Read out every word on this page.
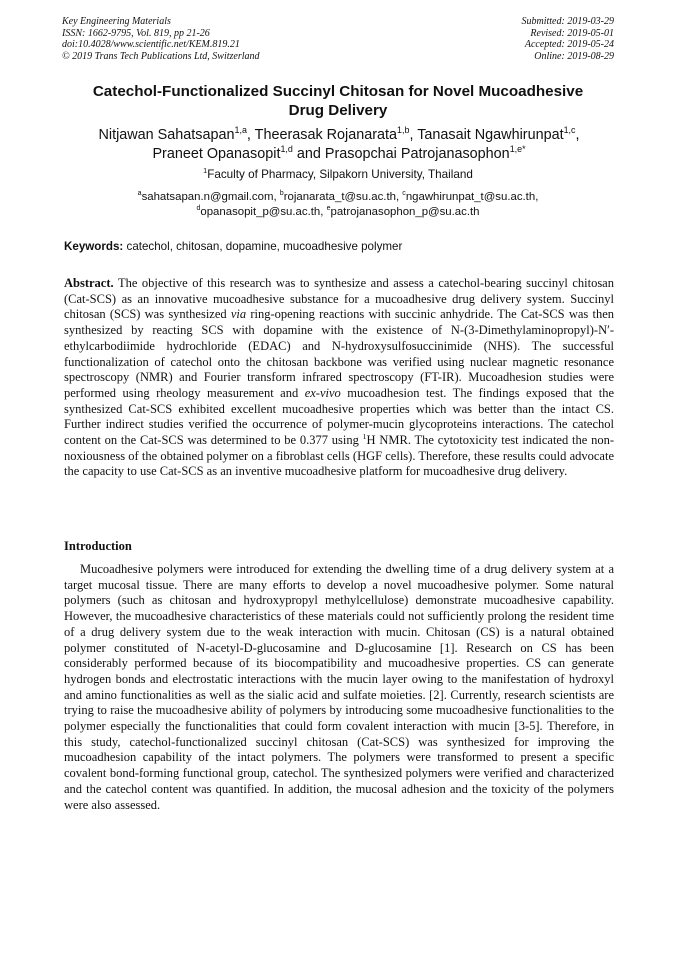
Key Engineering Materials
ISSN: 1662-9795, Vol. 819, pp 21-26
doi:10.4028/www.scientific.net/KEM.819.21
© 2019 Trans Tech Publications Ltd, Switzerland
Submitted: 2019-03-29
Revised: 2019-05-01
Accepted: 2019-05-24
Online: 2019-08-29
Catechol-Functionalized Succinyl Chitosan for Novel Mucoadhesive
Drug Delivery
Nitjawan Sahatsapan$^{1,a}$, Theerasak Rojanarata$^{1,b}$, Tanasait Ngawhirunpat$^{1,c}$,
Praneet Opanasopit$^{1,d}$ and Prasopchai Patrojanasophon$^{1,e*}$
$^1$Faculty of Pharmacy, Silpakorn University, Thailand
$^a$sahatsapan.n@gmail.com, $^b$rojanarata_t@su.ac.th, $^c$ngawhirunpat_t@su.ac.th,
$^d$opanasopit_p@su.ac.th, $^e$patrojanasophon_p@su.ac.th
Keywords: catechol, chitosan, dopamine, mucoadhesive polymer

Abstract. The objective of this research was to synthesize and assess a catechol-bearing succinyl chitosan (Cat-SCS) as an innovative mucoadhesive substance for a mucoadhesive drug delivery system. Succinyl chitosan (SCS) was synthesized via ring-opening reactions with succinic anhydride. The Cat-SCS was then synthesized by reacting SCS with dopamine with the existence of N-(3-Dimethylaminopropyl)-N′-ethylcarbodiimide hydrochloride (EDAC) and N-hydroxysulfosuccinimide (NHS). The successful functionalization of catechol onto the chitosan backbone was verified using nuclear magnetic resonance spectroscopy (NMR) and Fourier transform infrared spectroscopy (FT-IR). Mucoadhesion studies were performed using rheology measurement and ex-vivo mucoadhesion test. The findings exposed that the synthesized Cat-SCS exhibited excellent mucoadhesive properties which was better than the intact CS. Further indirect studies verified the occurrence of polymer-mucin glycoproteins interactions. The catechol content on the Cat-SCS was determined to be 0.377 using $^1$H NMR. The cytotoxicity test indicated the non-noxiousness of the obtained polymer on a fibroblast cells (HGF cells). Therefore, these results could advocate the capacity to use Cat-SCS as an inventive mucoadhesive platform for mucoadhesive drug delivery.

Introduction

Mucoadhesive polymers were introduced for extending the dwelling time of a drug delivery system at a target mucosal tissue. There are many efforts to develop a novel mucoadhesive polymer. Some natural polymers (such as chitosan and hydroxypropyl methylcellulose) demonstrate mucoadhesive capability. However, the mucoadhesive characteristics of these materials could not sufficiently prolong the resident time of a drug delivery system due to the weak interaction with mucin. Chitosan (CS) is a natural obtained polymer constituted of N-acetyl-D-glucosamine and D-glucosamine [1]. Research on CS has been considerably performed because of its biocompatibility and mucoadhesive properties. CS can generate hydrogen bonds and electrostatic interactions with the mucin layer owing to the manifestation of hydroxyl and amino functionalities as well as the sialic acid and sulfate moieties. [2]. Currently, research scientists are trying to raise the mucoadhesive ability of polymers by introducing some mucoadhesive functionalities to the polymer especially the functionalities that could form covalent interaction with mucin [3-5]. Therefore, in this study, catechol-functionalized succinyl chitosan (Cat-SCS) was synthesized for improving the mucoadhesion capability of the intact polymers. The polymers were transformed to present a specific covalent bond-forming functional group, catechol. The synthesized polymers were verified and characterized and the catechol content was quantified. In addition, the mucosal adhesion and the toxicity of the polymers were also assessed.
